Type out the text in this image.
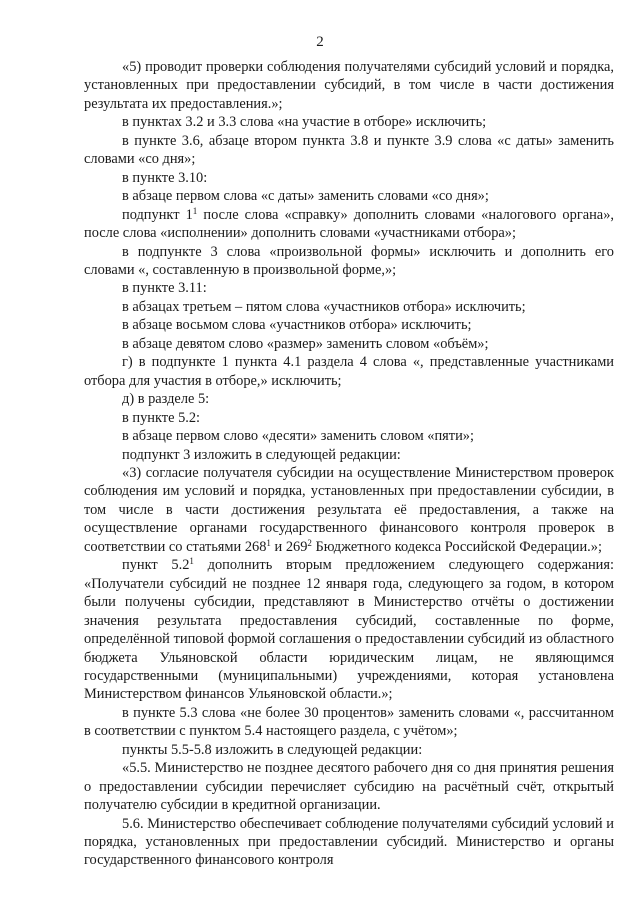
2

«5) проводит проверки соблюдения получателями субсидий условий и порядка, установленных при предоставлении субсидий, в том числе в части достижения результата их предоставления.»;

в пунктах 3.2 и 3.3 слова «на участие в отборе» исключить;

в пункте 3.6, абзаце втором пункта 3.8 и пункте 3.9 слова «с даты» заменить словами «со дня»;

в пункте 3.10:

в абзаце первом слова «с даты» заменить словами «со дня»;

подпункт $1^1$ после слова «справку» дополнить словами «налогового органа», после слова «исполнении» дополнить словами «участниками отбора»;

в подпункте 3 слова «произвольной формы» исключить и дополнить его словами «, составленную в произвольной форме,»;

в пункте 3.11:

в абзацах третьем – пятом слова «участников отбора» исключить;

в абзаце восьмом слова «участников отбора» исключить;

в абзаце девятом слово «размер» заменить словом «объём»;

г) в подпункте 1 пункта 4.1 раздела 4 слова «, представленные участниками отбора для участия в отборе,» исключить;

д) в разделе 5:

в пункте 5.2:

в абзаце первом слово «десяти» заменить словом «пяти»;

подпункт 3 изложить в следующей редакции:

«3) согласие получателя субсидии на осуществление Министерством проверок соблюдения им условий и порядка, установленных при предоставлении субсидии, в том числе в части достижения результата её предоставления, а также на осуществление органами государственного финансового контроля проверок в соответствии со статьями $268^1$ и $269^2$ Бюджетного кодекса Российской Федерации.»;

пункт $5.2^1$ дополнить вторым предложением следующего содержания: «Получатели субсидий не позднее 12 января года, следующего за годом, в котором были получены субсидии, представляют в Министерство отчёты о достижении значения результата предоставления субсидий, составленные по форме, определённой типовой формой соглашения о предоставлении субсидий из областного бюджета Ульяновской области юридическим лицам, не являющимся государственными (муниципальными) учреждениями, которая установлена Министерством финансов Ульяновской области.»;

в пункте 5.3 слова «не более 30 процентов» заменить словами «, рассчитанном в соответствии с пунктом 5.4 настоящего раздела, с учётом»;

пункты 5.5-5.8 изложить в следующей редакции:

«5.5. Министерство не позднее десятого рабочего дня со дня принятия решения о предоставлении субсидии перечисляет субсидию на расчётный счёт, открытый получателю субсидии в кредитной организации.

5.6. Министерство обеспечивает соблюдение получателями субсидий условий и порядка, установленных при предоставлении субсидий. Министерство и органы государственного финансового контроля
